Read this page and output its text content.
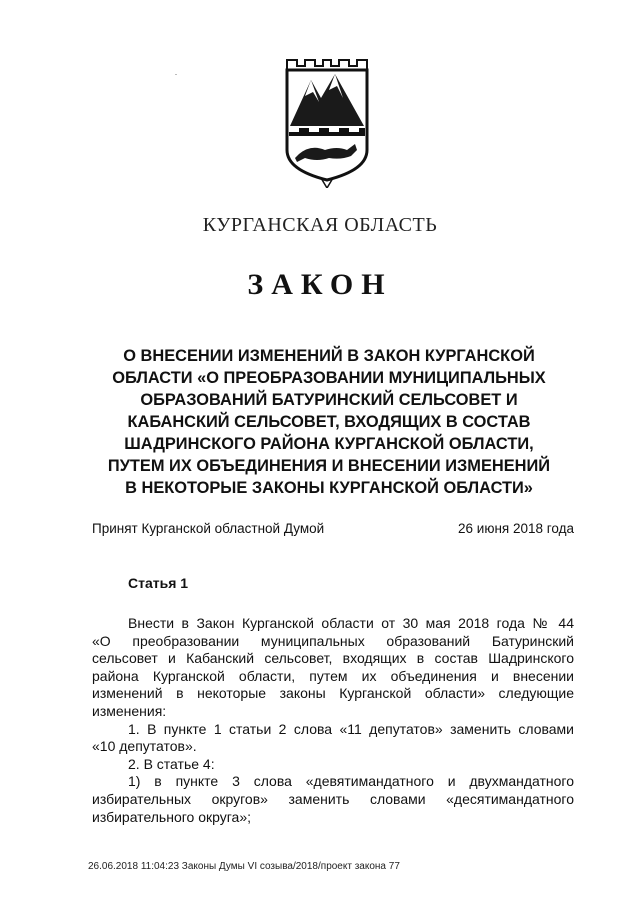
КУРГАНСКАЯ ОБЛАСТЬ
ЗАКОН
О ВНЕСЕНИИ ИЗМЕНЕНИЙ В ЗАКОН КУРГАНСКОЙ
ОБЛАСТИ «О ПРЕОБРАЗОВАНИИ МУНИЦИПАЛЬНЫХ
ОБРАЗОВАНИЙ БАТУРИНСКИЙ СЕЛЬСОВЕТ И
КАБАНСКИЙ СЕЛЬСОВЕТ, ВХОДЯЩИХ В СОСТАВ
ШАДРИНСКОГО РАЙОНА КУРГАНСКОЙ ОБЛАСТИ,
ПУТЕМ ИХ ОБЪЕДИНЕНИЯ И ВНЕСЕНИИ ИЗМЕНЕНИЙ
В НЕКОТОРЫЕ ЗАКОНЫ КУРГАНСКОЙ ОБЛАСТИ»
Принят Курганской областной Думой	26 июня 2018 года
Статья 1
Внести в Закон Курганской области от 30 мая 2018 года № 44
«О преобразовании муниципальных образований Батуринский
сельсовет и Кабанский сельсовет, входящих в состав Шадринского
района Курганской области, путем их объединения и внесении
изменений в некоторые законы Курганской области» следующие
изменения:
1. В пункте 1 статьи 2 слова «11 депутатов» заменить словами
«10 депутатов».
2. В статье 4:
1) в пункте 3 слова «девятимандатного и двухмандатного
избирательных округов» заменить словами «десятимандатного
избирательного округа»;
26.06.2018 11:04:23 Законы Думы VI созыва/2018/проект закона 77
